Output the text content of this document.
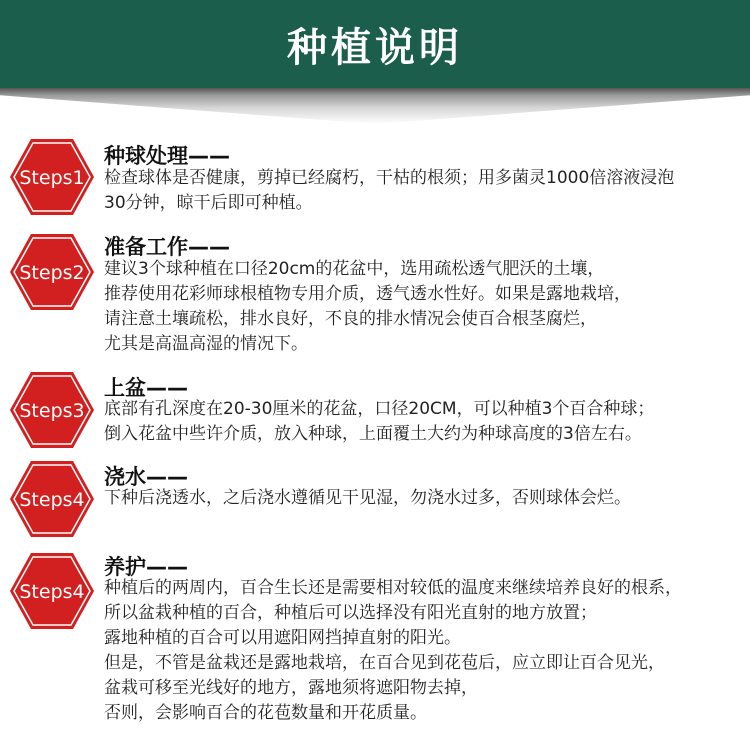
种植说明
Steps1
种球处理——
检查球体是否健康，剪掉已经腐朽，干枯的根须；用多菌灵1000倍溶液浸泡
30分钟，晾干后即可种植。
Steps2
准备工作——
建议3个球种植在口径20cm的花盆中，选用疏松透气肥沃的土壤，
推荐使用花彩师球根植物专用介质，透气透水性好。如果是露地栽培，
请注意土壤疏松，排水良好，不良的排水情况会使百合根茎腐烂，
尤其是高温高湿的情况下。
Steps3
上盆——
底部有孔深度在20-30厘米的花盆，口径20CM，可以种植3个百合种球；
倒入花盆中些许介质，放入种球，上面覆土大约为种球高度的3倍左右。
Steps4
浇水——
下种后浇透水，之后浇水遵循见干见湿，勿浇水过多，否则球体会烂。
Steps4
养护——
种植后的两周内，百合生长还是需要相对较低的温度来继续培养良好的根系，
所以盆栽种植的百合，种植后可以选择没有阳光直射的地方放置；
露地种植的百合可以用遮阳网挡掉直射的阳光。
但是，不管是盆栽还是露地栽培，在百合见到花苞后，应立即让百合见光，
盆栽可移至光线好的地方，露地须将遮阳物去掉，
否则，会影响百合的花苞数量和开花质量。
